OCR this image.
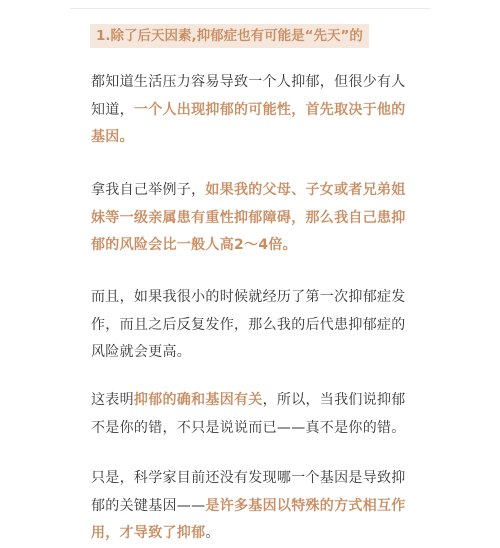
1.除了后天因素,抑郁症也有可能是“先天”的

都知道生活压力容易导致一个人抑郁，但很少有人知道，一个人出现抑郁的可能性，首先取决于他的基因。

拿我自己举例子，如果我的父母、子女或者兄弟姐妹等一级亲属患有重性抑郁障碍，那么我自己患抑郁的风险会比一般人高2～4倍。

而且，如果我很小的时候就经历了第一次抑郁症发作，而且之后反复发作，那么我的后代患抑郁症的风险就会更高。

这表明抑郁的确和基因有关，所以，当我们说抑郁不是你的错，不只是说说而已——真不是你的错。

只是，科学家目前还没有发现哪一个基因是导致抑郁的关键基因——是许多基因以特殊的方式相互作用，才导致了抑郁。
